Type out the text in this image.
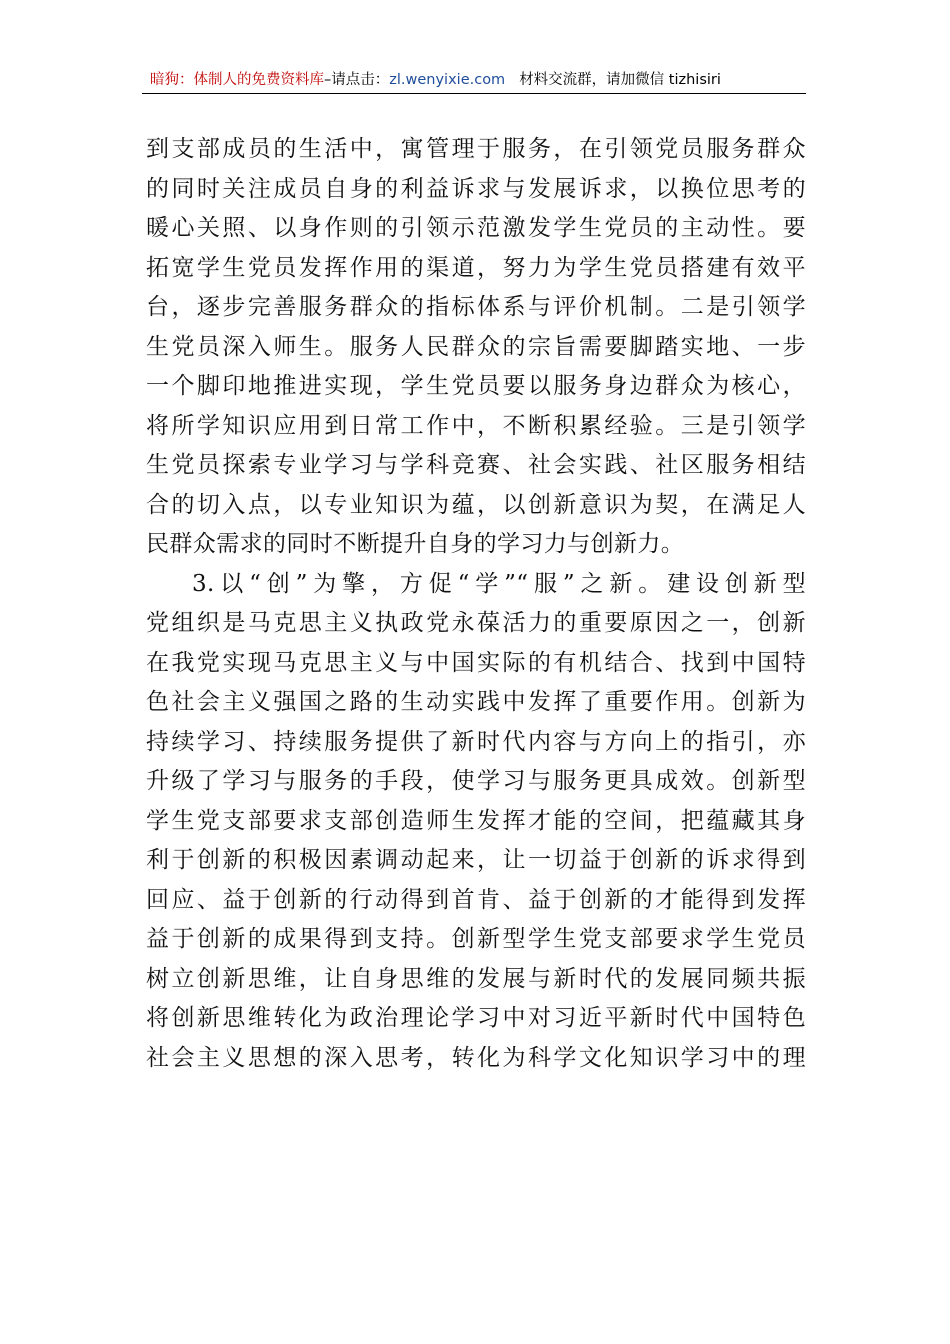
暗狗：体制人的免费资料库–请点击：zl.wenyixie.com 材料交流群，请加微信 tizhisiri
到支部成员的生活中，寓管理于服务，在引领党员服务群众
的同时关注成员自身的利益诉求与发展诉求，以换位思考的
暖心关照、以身作则的引领示范激发学生党员的主动性。要
拓宽学生党员发挥作用的渠道，努力为学生党员搭建有效平
台，逐步完善服务群众的指标体系与评价机制。二是引领学
生党员深入师生。服务人民群众的宗旨需要脚踏实地、一步
一个脚印地推进实现，学生党员要以服务身边群众为核心，
将所学知识应用到日常工作中，不断积累经验。三是引领学
生党员探索专业学习与学科竞赛、社会实践、社区服务相结
合的切入点，以专业知识为蕴，以创新意识为契，在满足人
民群众需求的同时不断提升自身的学习力与创新力。
3.以“创”为擎，方促“学”“服”之新。建设创新型
党组织是马克思主义执政党永葆活力的重要原因之一，创新
在我党实现马克思主义与中国实际的有机结合、找到中国特
色社会主义强国之路的生动实践中发挥了重要作用。创新为
持续学习、持续服务提供了新时代内容与方向上的指引，亦
升级了学习与服务的手段，使学习与服务更具成效。创新型
学生党支部要求支部创造师生发挥才能的空间，把蕴藏其身
利于创新的积极因素调动起来，让一切益于创新的诉求得到
回应、益于创新的行动得到首肯、益于创新的才能得到发挥
益于创新的成果得到支持。创新型学生党支部要求学生党员
树立创新思维，让自身思维的发展与新时代的发展同频共振
将创新思维转化为政治理论学习中对习近平新时代中国特色
社会主义思想的深入思考，转化为科学文化知识学习中的理
